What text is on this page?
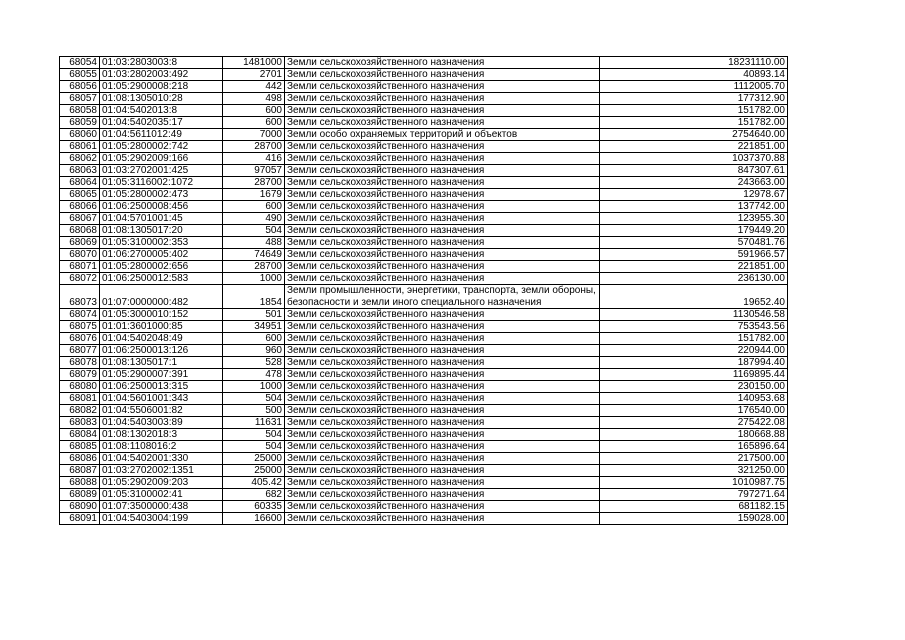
68054	01:03:2803003:8	1481000	Земли сельскохозяйственного назначения	18231110.00
68055	01:03:2802003:492	2701	Земли сельскохозяйственного назначения	40893.14
68056	01:05:2900008:218	442	Земли сельскохозяйственного назначения	1112005.70
68057	01:08:1305010:28	498	Земли сельскохозяйственного назначения	177312.90
68058	01:04:5402013:8	600	Земли сельскохозяйственного назначения	151782.00
68059	01:04:5402035:17	600	Земли сельскохозяйственного назначения	151782.00
68060	01:04:5611012:49	7000	Земли особо охраняемых территорий и объектов	2754640.00
68061	01:05:2800002:742	28700	Земли сельскохозяйственного назначения	221851.00
68062	01:05:2902009:166	416	Земли сельскохозяйственного назначения	1037370.88
68063	01:03:2702001:425	97057	Земли сельскохозяйственного назначения	847307.61
68064	01:05:3116002:1072	28700	Земли сельскохозяйственного назначения	243663.00
68065	01:05:2800002:473	1679	Земли сельскохозяйственного назначения	12978.67
68066	01:06:2500008:456	600	Земли сельскохозяйственного назначения	137742.00
68067	01:04:5701001:45	490	Земли сельскохозяйственного назначения	123955.30
68068	01:08:1305017:20	504	Земли сельскохозяйственного назначения	179449.20
68069	01:05:3100002:353	488	Земли сельскохозяйственного назначения	570481.76
68070	01:06:2700005:402	74649	Земли сельскохозяйственного назначения	591966.57
68071	01:05:2800002:656	28700	Земли сельскохозяйственного назначения	221851.00
68072	01:06:2500012:583	1000	Земли сельскохозяйственного назначения	236130.00
68073	01:07:0000000:482	1854	Земли промышленности, энергетики, транспорта, земли обороны, безопасности и земли иного специального назначения	19652.40
68074	01:05:3000010:152	501	Земли сельскохозяйственного назначения	1130546.58
68075	01:01:3601000:85	34951	Земли сельскохозяйственного назначения	753543.56
68076	01:04:5402048:49	600	Земли сельскохозяйственного назначения	151782.00
68077	01:06:2500013:126	960	Земли сельскохозяйственного назначения	220944.00
68078	01:08:1305017:1	528	Земли сельскохозяйственного назначения	187994.40
68079	01:05:2900007:391	478	Земли сельскохозяйственного назначения	1169895.44
68080	01:06:2500013:315	1000	Земли сельскохозяйственного назначения	230150.00
68081	01:04:5601001:343	504	Земли сельскохозяйственного назначения	140953.68
68082	01:04:5506001:82	500	Земли сельскохозяйственного назначения	176540.00
68083	01:04:5403003:89	11631	Земли сельскохозяйственного назначения	275422.08
68084	01:08:1302018:3	504	Земли сельскохозяйственного назначения	180668.88
68085	01:08:1108016:2	504	Земли сельскохозяйственного назначения	165896.64
68086	01:04:5402001:330	25000	Земли сельскохозяйственного назначения	217500.00
68087	01:03:2702002:1351	25000	Земли сельскохозяйственного назначения	321250.00
68088	01:05:2902009:203	405.42	Земли сельскохозяйственного назначения	1010987.75
68089	01:05:3100002:41	682	Земли сельскохозяйственного назначения	797271.64
68090	01:07:3500000:438	60335	Земли сельскохозяйственного назначения	681182.15
68091	01:04:5403004:199	16600	Земли сельскохозяйственного назначения	159028.00
